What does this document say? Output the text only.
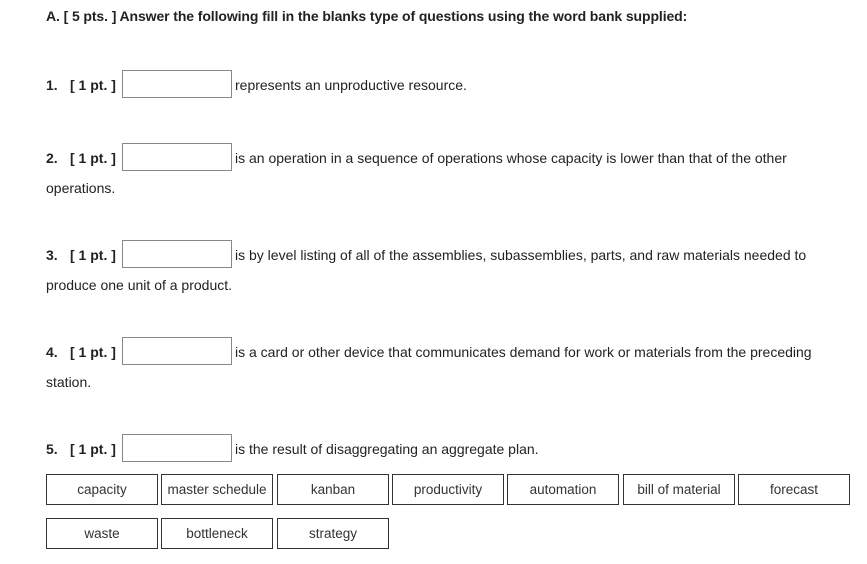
A. [ 5 pts. ] Answer the following fill in the blanks type of questions using the word bank supplied:
1. [ 1 pt. ]	represents an unproductive resource.
2. [ 1 pt. ]	is an operation in a sequence of operations whose capacity is lower than that of the other operations.
3. [ 1 pt. ]	is by level listing of all of the assemblies, subassemblies, parts, and raw materials needed to produce one unit of a product.
4. [ 1 pt. ]	is a card or other device that communicates demand for work or materials from the preceding station.
5. [ 1 pt. ]	is the result of disaggregating an aggregate plan.
capacity	master schedule	kanban	productivity	automation	bill of material	forecast
waste	bottleneck	strategy
